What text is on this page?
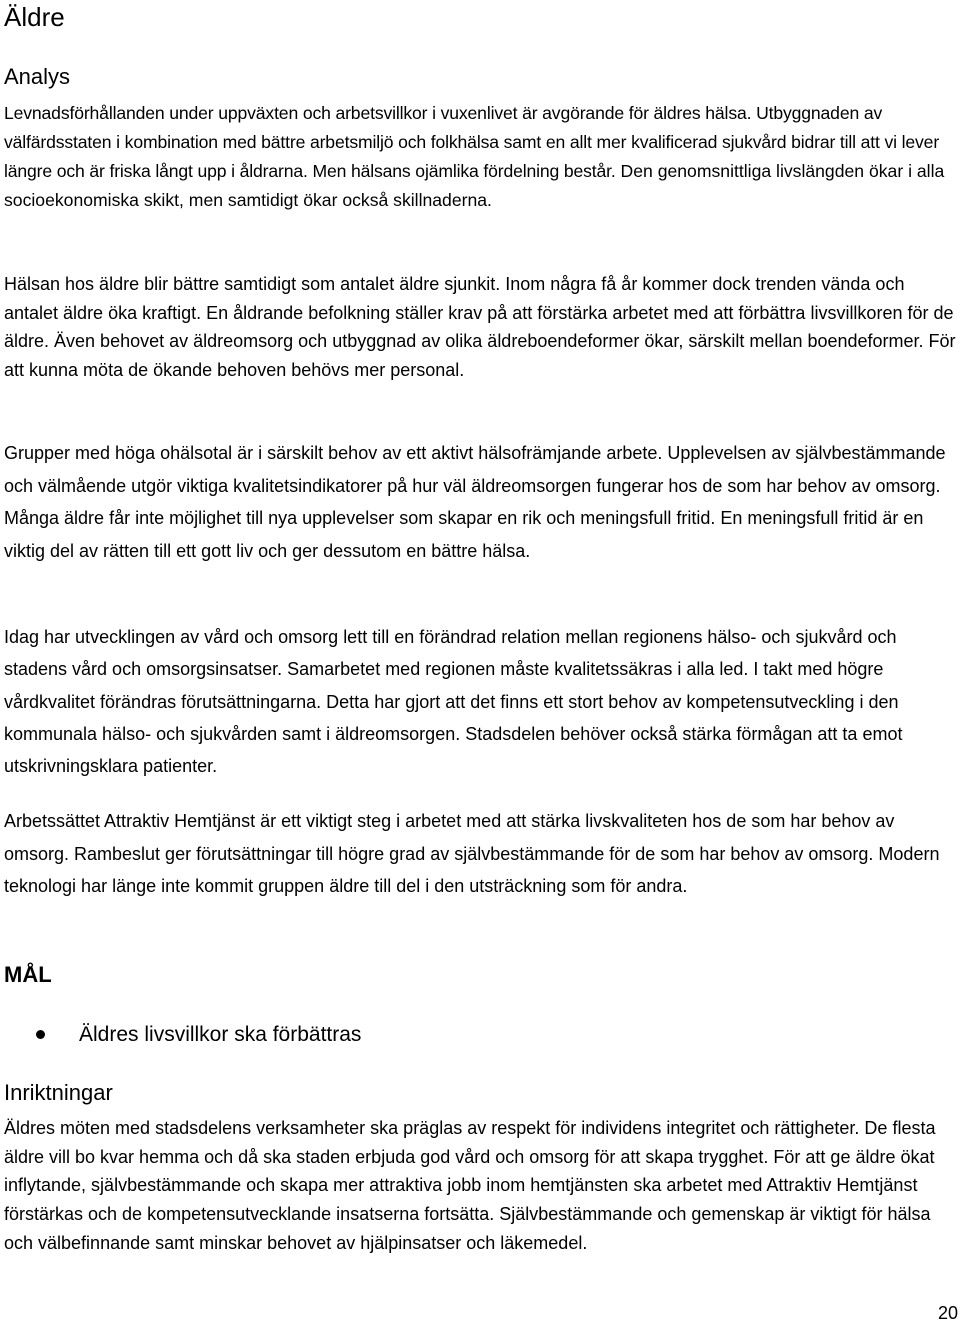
Äldre
Analys

Levnadsförhållanden under uppväxten och arbetsvillkor i vuxenlivet är avgörande för äldres hälsa. Utbyggnaden av välfärdsstaten i kombination med bättre arbetsmiljö och folkhälsa samt en allt mer kvalificerad sjukvård bidrar till att vi lever längre och är friska långt upp i åldrarna. Men hälsans ojämlika fördelning består. Den genomsnittliga livslängden ökar i alla socioekonomiska skikt, men samtidigt ökar också skillnaderna.

Hälsan hos äldre blir bättre samtidigt som antalet äldre sjunkit. Inom några få år kommer dock trenden vända och antalet äldre öka kraftigt. En åldrande befolkning ställer krav på att förstärka arbetet med att förbättra livsvillkoren för de äldre. Även behovet av äldreomsorg och utbyggnad av olika äldreboendeformer ökar, särskilt mellan boendeformer. För att kunna möta de ökande behoven behövs mer personal.

Grupper med höga ohälsotal är i särskilt behov av ett aktivt hälsofrämjande arbete. Upplevelsen av självbestämmande och välmående utgör viktiga kvalitetsindikatorer på hur väl äldreomsorgen fungerar hos de som har behov av omsorg. Många äldre får inte möjlighet till nya upplevelser som skapar en rik och meningsfull fritid. En meningsfull fritid är en viktig del av rätten till ett gott liv och ger dessutom en bättre hälsa.

Idag har utvecklingen av vård och omsorg lett till en förändrad relation mellan regionens hälso- och sjukvård och stadens vård och omsorgsinsatser. Samarbetet med regionen måste kvalitetssäkras i alla led. I takt med högre vårdkvalitet förändras förutsättningarna. Detta har gjort att det finns ett stort behov av kompetensutveckling i den kommunala hälso- och sjukvården samt i äldreomsorgen. Stadsdelen behöver också stärka förmågan att ta emot utskrivningsklara patienter.

Arbetssättet Attraktiv Hemtjänst är ett viktigt steg i arbetet med att stärka livskvaliteten hos de som har behov av omsorg. Rambeslut ger förutsättningar till högre grad av självbestämmande för de som har behov av omsorg. Modern teknologi har länge inte kommit gruppen äldre till del i den utsträckning som för andra.

MÅL
Äldres livsvillkor ska förbättras
Inriktningar

Äldres möten med stadsdelens verksamheter ska präglas av respekt för individens integritet och rättigheter. De flesta äldre vill bo kvar hemma och då ska staden erbjuda god vård och omsorg för att skapa trygghet. För att ge äldre ökat inflytande, självbestämmande och skapa mer attraktiva jobb inom hemtjänsten ska arbetet med Attraktiv Hemtjänst förstärkas och de kompetensutvecklande insatserna fortsätta. Självbestämmande och gemenskap är viktigt för hälsa och välbefinnande samt minskar behovet av hjälpinsatser och läkemedel.

20
